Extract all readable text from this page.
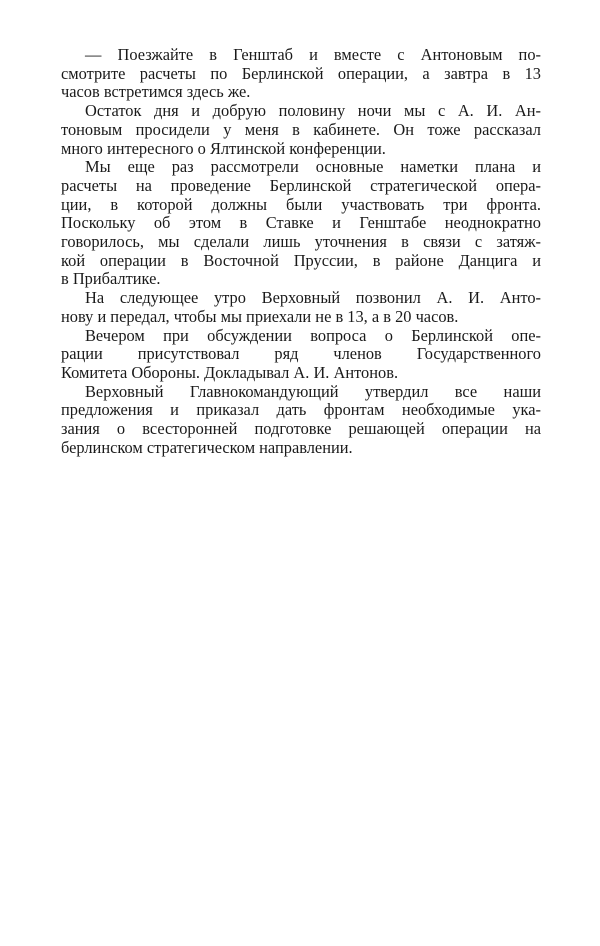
— Поезжайте в Генштаб и вместе с Антоновым по-
смотрите расчеты по Берлинской операции, а завтра в 13
часов встретимся здесь же.
Остаток дня и добрую половину ночи мы с А. И. Ан-
тоновым просидели у меня в кабинете. Он тоже рассказал
много интересного о Ялтинской конференции.
Мы еще раз рассмотрели основные наметки плана и
расчеты на проведение Берлинской стратегической опера-
ции, в которой должны были участвовать три фронта.
Поскольку об этом в Ставке и Генштабе неоднократно
говорилось, мы сделали лишь уточнения в связи с затяж-
кой операции в Восточной Пруссии, в районе Данцига и
в Прибалтике.
На следующее утро Верховный позвонил А. И. Анто-
нову и передал, чтобы мы приехали не в 13, а в 20 часов.
Вечером при обсуждении вопроса о Берлинской опе-
рации присутствовал ряд членов Государственного
Комитета Обороны. Докладывал А. И. Антонов.
Верховный Главнокомандующий утвердил все наши
предложения и приказал дать фронтам необходимые ука-
зания о всесторонней подготовке решающей операции на
берлинском стратегическом направлении.
